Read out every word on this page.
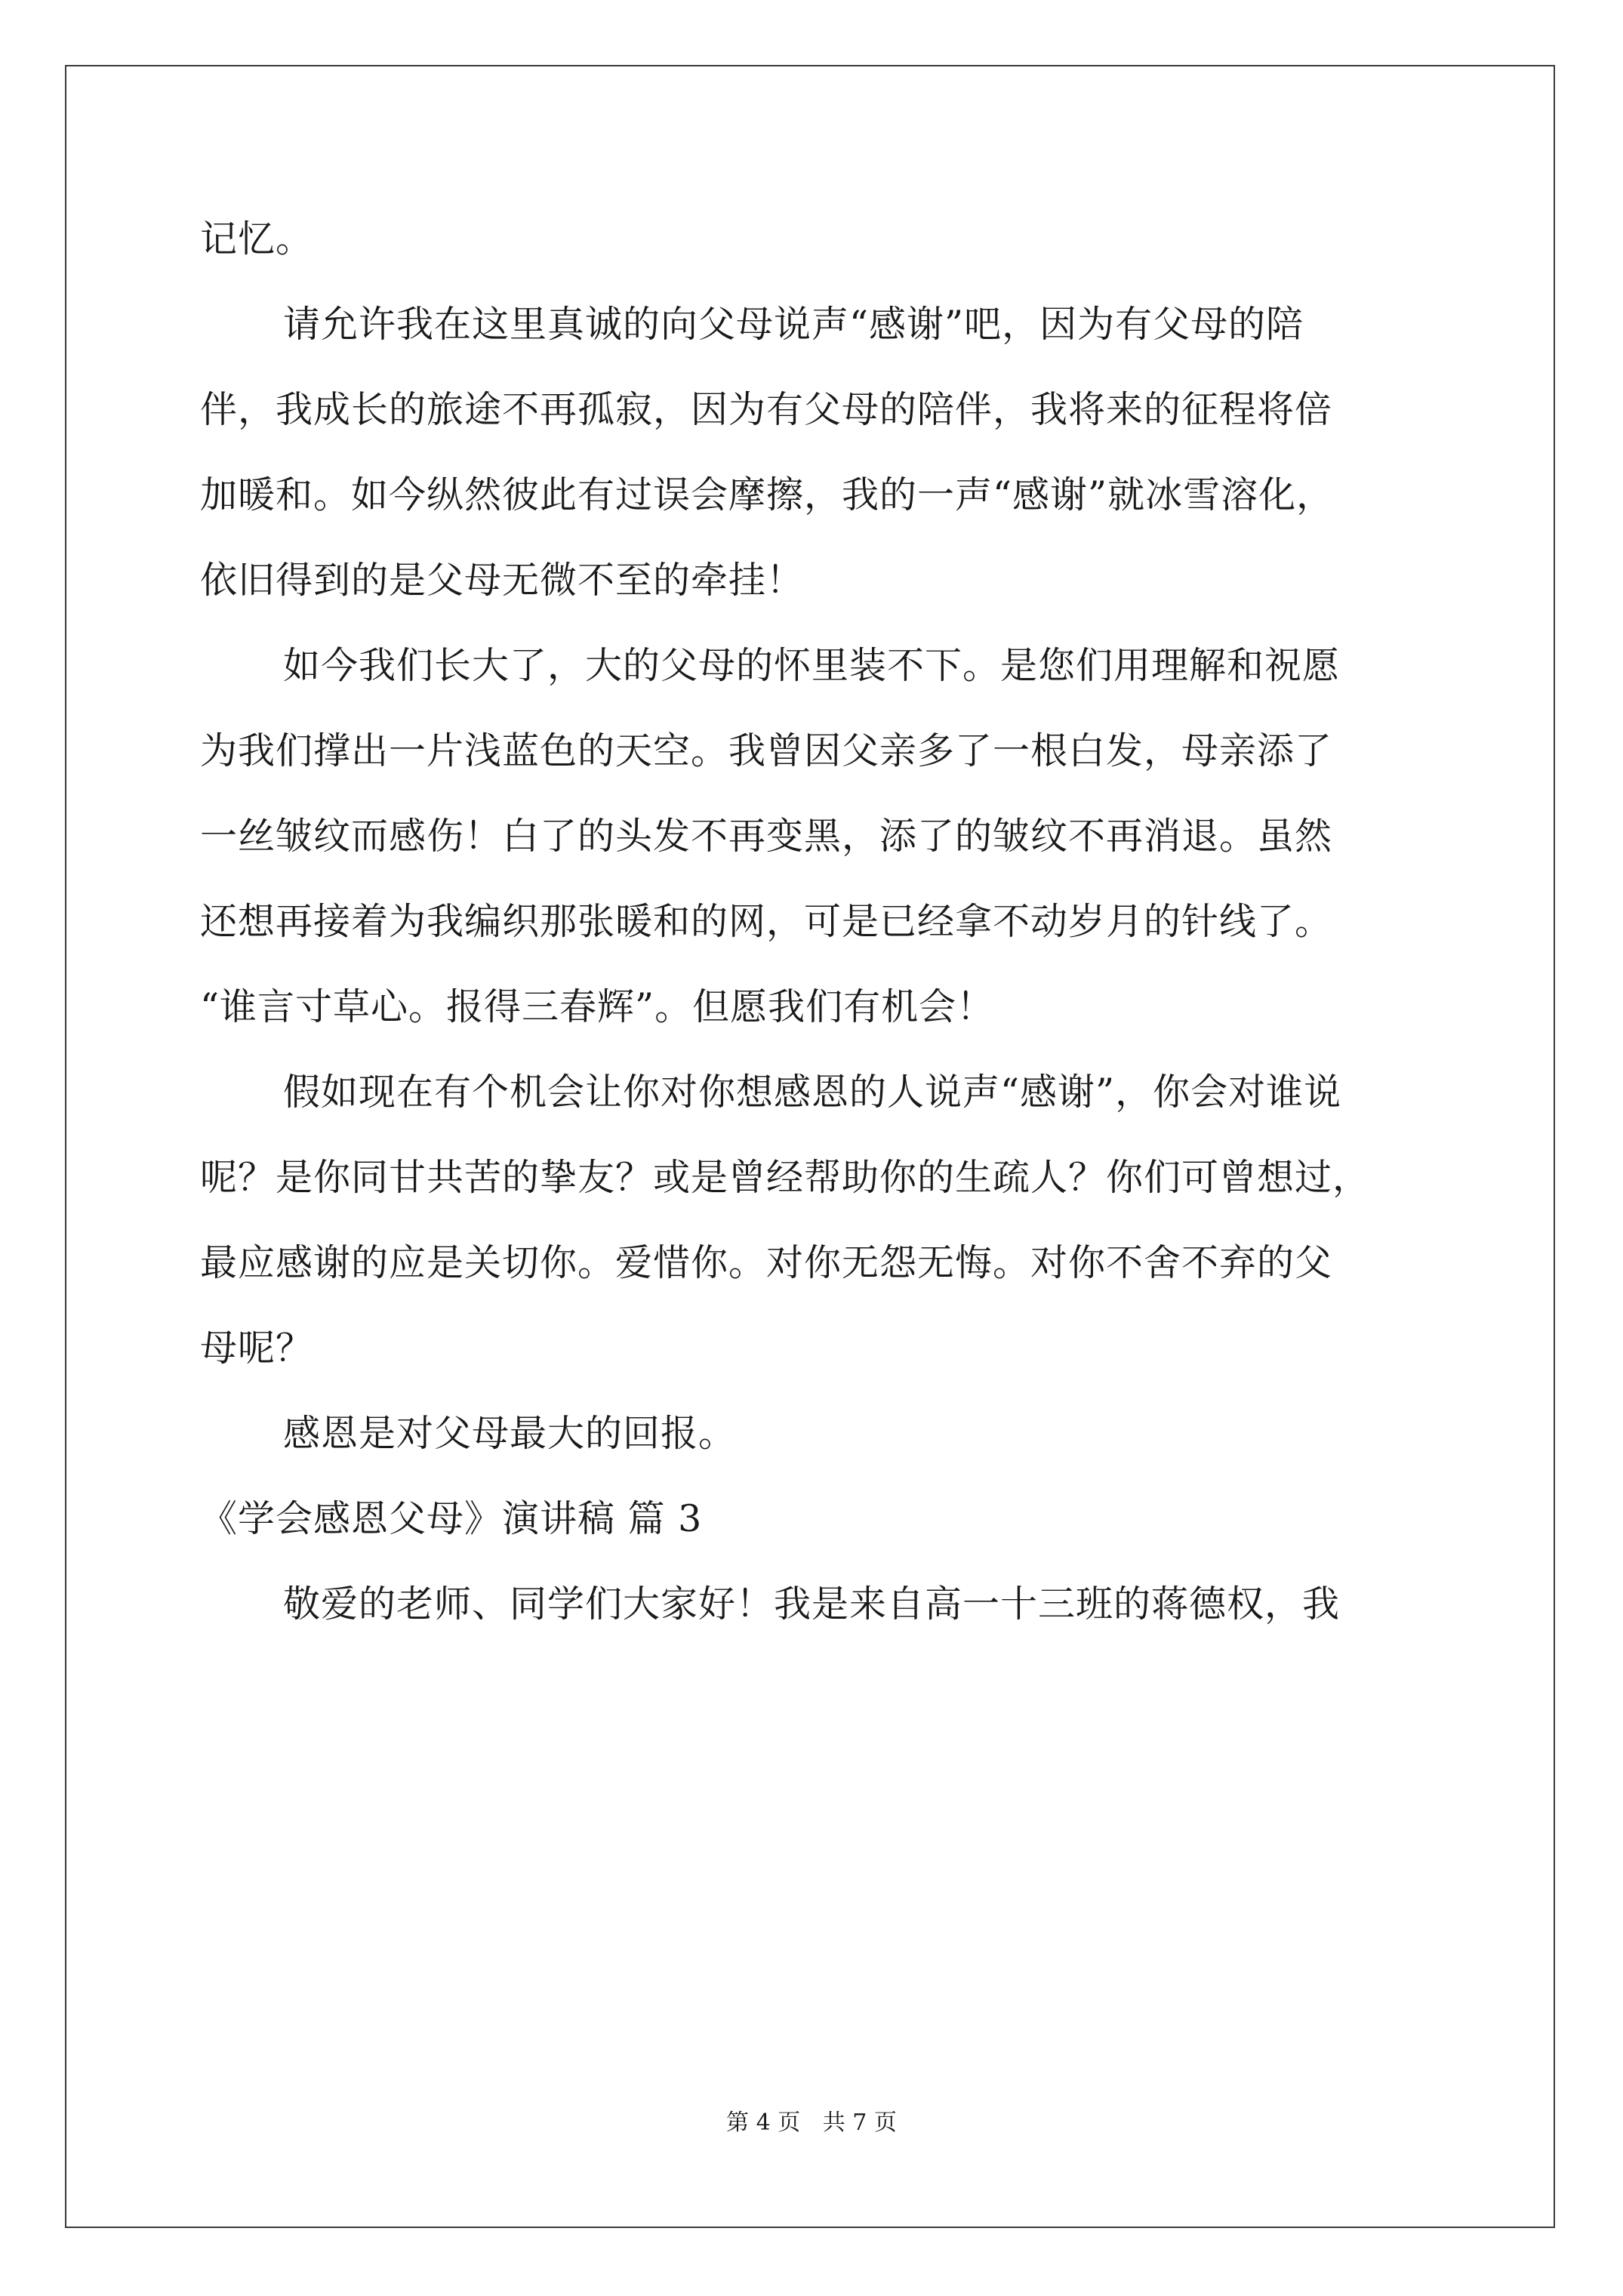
记忆。
请允许我在这里真诚的向父母说声“感谢”吧，因为有父母的陪
伴，我成长的旅途不再孤寂，因为有父母的陪伴，我将来的征程将倍
加暖和。如今纵然彼此有过误会摩擦，我的一声“感谢”就冰雪溶化，
依旧得到的是父母无微不至的牵挂！
如今我们长大了，大的父母的怀里装不下。是您们用理解和祝愿
为我们撑出一片浅蓝色的天空。我曾因父亲多了一根白发，母亲添了
一丝皱纹而感伤！白了的头发不再变黑，添了的皱纹不再消退。虽然
还想再接着为我编织那张暖和的网，可是已经拿不动岁月的针线了。
“谁言寸草心。报得三春辉”。但愿我们有机会！
假如现在有个机会让你对你想感恩的人说声“感谢”，你会对谁说
呢？是你同甘共苦的挚友？或是曾经帮助你的生疏人？你们可曾想过，
最应感谢的应是关切你。爱惜你。对你无怨无悔。对你不舍不弃的父
母呢？
感恩是对父母最大的回报。
《学会感恩父母》演讲稿 篇 3
敬爱的老师、同学们大家好！我是来自高一十三班的蒋德权，我
第 4 页 共 7 页
